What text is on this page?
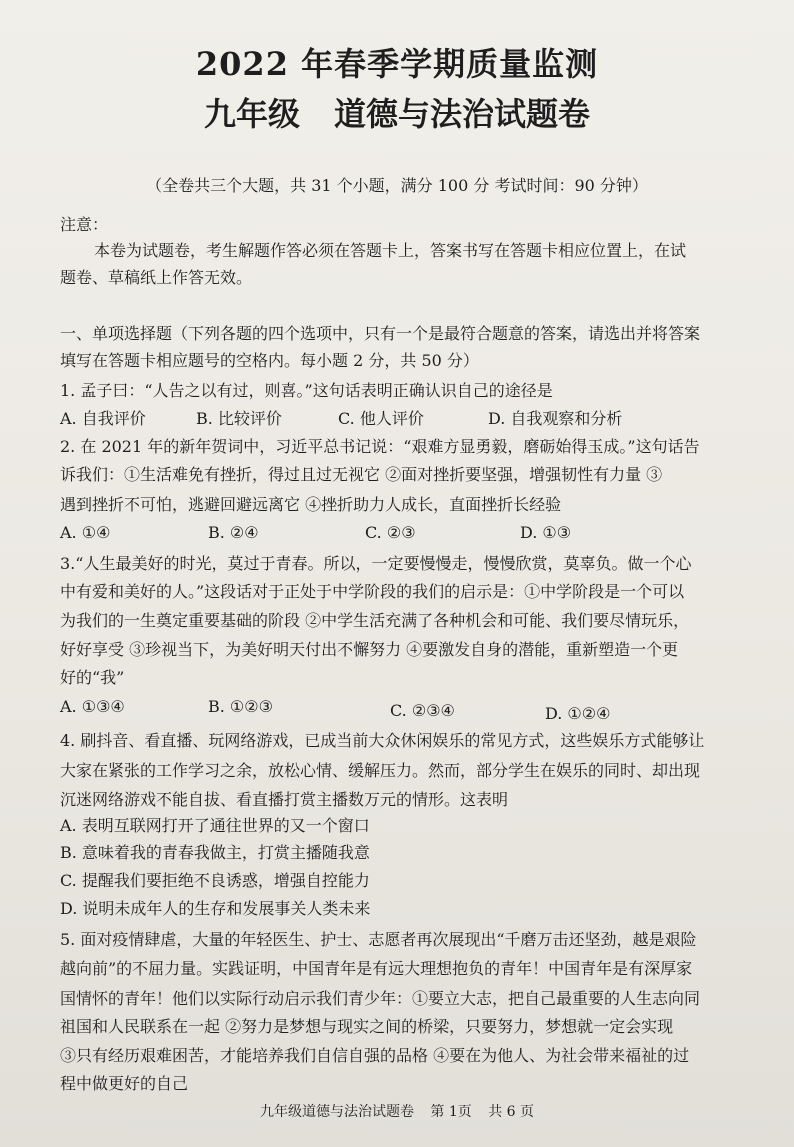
2022 年春季学期质量监测
九年级 道德与法治试题卷
（全卷共三个大题，共 31 个小题，满分 100 分 考试时间：90 分钟）
注意：
本卷为试题卷，考生解题作答必须在答题卡上，答案书写在答题卡相应位置上，在试
题卷、草稿纸上作答无效。
一、单项选择题（下列各题的四个选项中，只有一个是最符合题意的答案，请选出并将答案
填写在答题卡相应题号的空格内。每小题 2 分，共 50 分）
1. 孟子曰：“人告之以有过，则喜。”这句话表明正确认识自己的途径是
A. 自我评价	B. 比较评价	C. 他人评价	D. 自我观察和分析
2. 在 2021 年的新年贺词中，习近平总书记说：“艰难方显勇毅，磨砺始得玉成。”这句话告
诉我们：①生活难免有挫折，得过且过无视它 ②面对挫折要坚强，增强韧性有力量 ③
遇到挫折不可怕，逃避回避远离它 ④挫折助力人成长，直面挫折长经验
A. ①④	B. ②④	C. ②③	D. ①③
3.“人生最美好的时光，莫过于青春。所以，一定要慢慢走，慢慢欣赏，莫辜负。做一个心
中有爱和美好的人。”这段话对于正处于中学阶段的我们的启示是：①中学阶段是一个可以
为我们的一生奠定重要基础的阶段 ②中学生活充满了各种机会和可能、我们要尽情玩乐，
好好享受 ③珍视当下，为美好明天付出不懈努力 ④要激发自身的潜能，重新塑造一个更
好的“我”
A. ①③④	B. ①②③	C. ②③④	D. ①②④
4. 刷抖音、看直播、玩网络游戏，已成当前大众休闲娱乐的常见方式，这些娱乐方式能够让
大家在紧张的工作学习之余，放松心情、缓解压力。然而，部分学生在娱乐的同时、却出现
沉迷网络游戏不能自拔、看直播打赏主播数万元的情形。这表明
A. 表明互联网打开了通往世界的又一个窗口
B. 意味着我的青春我做主，打赏主播随我意
C. 提醒我们要拒绝不良诱惑，增强自控能力
D. 说明未成年人的生存和发展事关人类未来
5. 面对疫情肆虐，大量的年轻医生、护士、志愿者再次展现出“千磨万击还坚劲，越是艰险
越向前”的不屈力量。实践证明，中国青年是有远大理想抱负的青年！中国青年是有深厚家
国情怀的青年！他们以实际行动启示我们青少年：①要立大志，把自己最重要的人生志向同
祖国和人民联系在一起 ②努力是梦想与现实之间的桥梁，只要努力，梦想就一定会实现
③只有经历艰难困苦，才能培养我们自信自强的品格 ④要在为他人、为社会带来福祉的过
程中做更好的自己
九年级道德与法治试题卷 第 1页 共 6 页
